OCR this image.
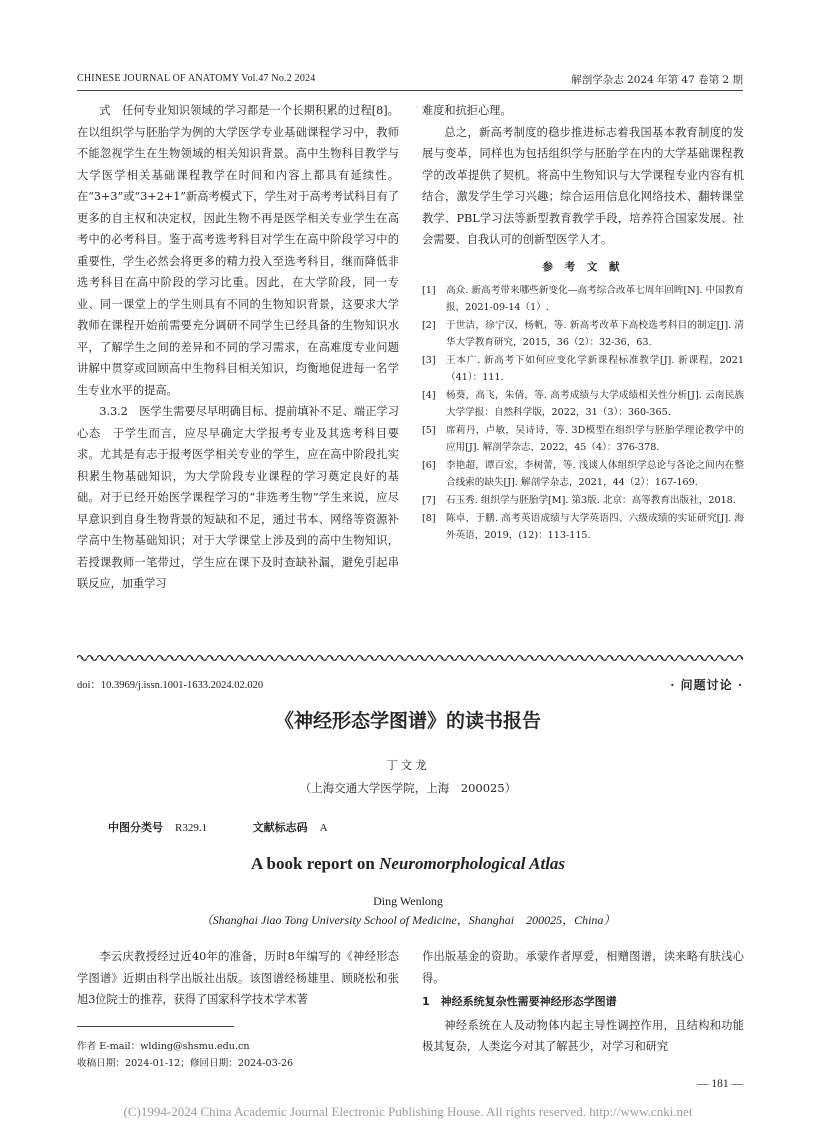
CHINESE JOURNAL OF ANATOMY Vol.47 No.2 2024	解剖学杂志 2024 年第 47 卷第 2 期

式　任何专业知识领域的学习都是一个长期积累的过程[8]。在以组织学与胚胎学为例的大学医学专业基础课程学习中，教师不能忽视学生在生物领域的相关知识背景。高中生物科目教学与大学医学相关基础课程教学在时间和内容上都具有延续性。在“3+3”或“3+2+1”新高考模式下，学生对于高考考试科目有了更多的自主权和决定权，因此生物不再是医学相关专业学生在高考中的必考科目。鉴于高考选考科目对学生在高中阶段学习中的重要性，学生必然会将更多的精力投入至选考科目，继而降低非选考科目在高中阶段的学习比重。因此，在大学阶段，同一专业、同一课堂上的学生则具有不同的生物知识背景，这要求大学教师在课程开始前需要充分调研不同学生已经具备的生物知识水平，了解学生之间的差异和不同的学习需求，在高难度专业问题讲解中贯穿或回顾高中生物科目相关知识，均衡地促进每一名学生专业水平的提高。

3.3.2　医学生需要尽早明确目标、提前填补不足、端正学习心态　于学生而言，应尽早确定大学报考专业及其选考科目要求。尤其是有志于报考医学相关专业的学生，应在高中阶段扎实积累生物基础知识，为大学阶段专业课程的学习奠定良好的基础。对于已经开始医学课程学习的“非选考生物”学生来说，应尽早意识到自身生物背景的短缺和不足，通过书本、网络等资源补学高中生物基础知识；对于大学课堂上涉及到的高中生物知识，若授课教师一笔带过，学生应在课下及时查缺补漏，避免引起串联反应，加重学习

难度和抗拒心理。

总之，新高考制度的稳步推进标志着我国基本教育制度的发展与变革，同样也为包括组织学与胚胎学在内的大学基础课程教学的改革提供了契机。将高中生物知识与大学课程专业内容有机结合，激发学生学习兴趣；综合运用信息化网络技术、翻转课堂教学、PBL学习法等新型教育教学手段，培养符合国家发展、社会需要、自我认可的创新型医学人才。

参 考 文 献
[1]	高众. 新高考带来哪些新变化—高考综合改革七周年回眸[N]. 中国教育报，2021-09-14（1）.
[2]	于世洁，徐宁汉，杨帆，等. 新高考改革下高校选考科目的制定[J]. 清华大学教育研究，2015，36（2）：32-36，63.
[3]	王本广. 新高考下如何应变化学新课程标准教学[J]. 新课程，2021（41）：111.
[4]	杨葵，高飞，朱倩，等. 高考成绩与大学成绩相关性分析[J]. 云南民族大学学报：自然科学版，2022，31（3）：360-365.
[5]	席莉丹，卢敏，吴诗诗，等. 3D模型在组织学与胚胎学理论教学中的应用[J]. 解剖学杂志，2022，45（4）：376-378.
[6]	李艳超，谭百宏，李树蕾，等. 浅谈人体组织学总论与各论之间内在整合线索的缺失[J]. 解剖学杂志，2021，44（2）：167-169.
[7]	石玉秀. 组织学与胚胎学[M]. 第3版. 北京：高等教育出版社，2018.
[8]	陈卓，于鹏. 高考英语成绩与大学英语四、六级成绩的实证研究[J]. 海外英语，2019，(12)：113-115.
doi：10.3969/j.issn.1001-1633.2024.02.020	· 问题讨论 ·
《神经形态学图谱》的读书报告
丁文龙
（上海交通大学医学院，上海　200025）
中图分类号 R329.1	文献标志码 A
A book report on Neuromorphological Atlas
Ding Wenlong
（Shanghai Jiao Tong University School of Medicine，Shanghai　200025，China）

李云庆教授经过近40年的准备，历时8年编写的《神经形态学图谱》近期由科学出版社出版。该图谱经杨雄里、顾晓松和张旭3位院士的推荐，获得了国家科学技术学术著

作出版基金的资助。承蒙作者厚爱，相赠图谱，读来略有肤浅心得。

1　神经系统复杂性需要神经形态学图谱

神经系统在人及动物体内起主导性调控作用，且结构和功能极其复杂，人类迄今对其了解甚少，对学习和研究

作者 E-mail：wlding@shsmu.edu.cn
收稿日期：2024-01-12；修回日期：2024-03-26
— 181 —
(C)1994-2024 China Academic Journal Electronic Publishing House. All rights reserved. http://www.cnki.net
